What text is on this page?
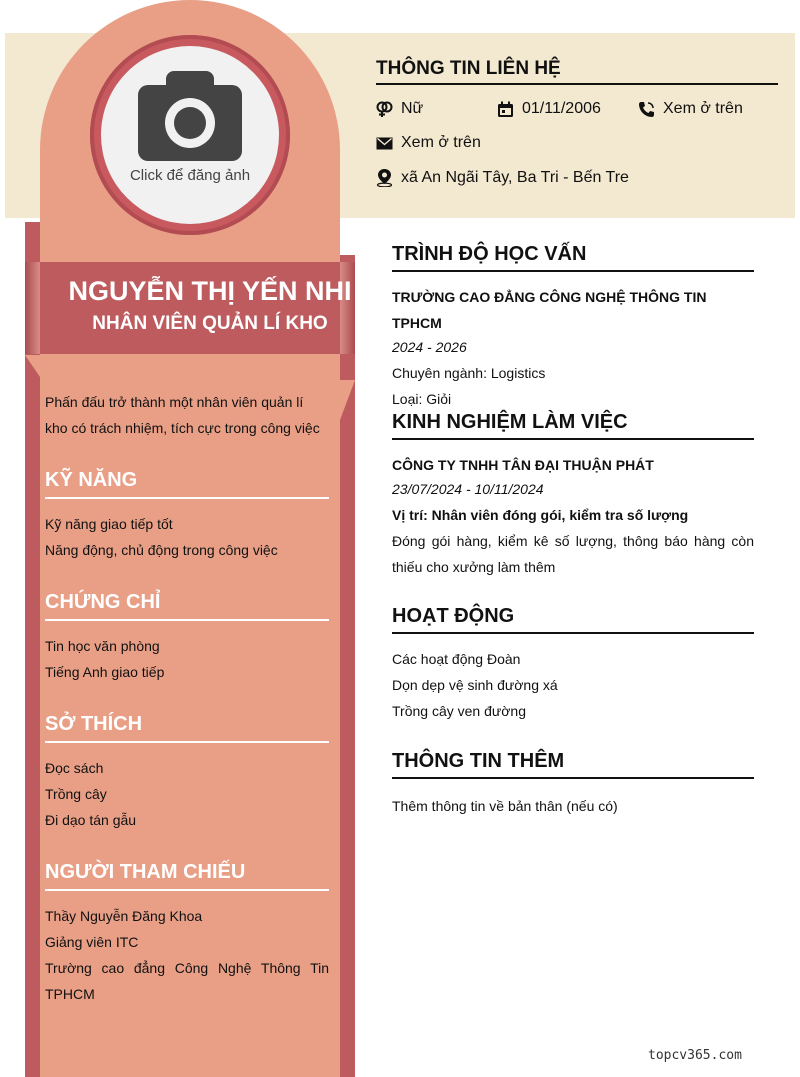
NGUYỄN THỊ YẾN NHI
NHÂN VIÊN QUẢN LÍ KHO
Click để đăng ảnh
Phấn đấu trở thành một nhân viên quản lí kho có trách nhiệm, tích cực trong công việc
KỸ NĂNG
Kỹ năng giao tiếp tốt
Năng động, chủ động trong công việc
CHỨNG CHỈ
Tin học văn phòng
Tiếng Anh giao tiếp
SỞ THÍCH
Đọc sách
Trồng cây
Đi dạo tán gẫu
NGƯỜI THAM CHIẾU
Thầy Nguyễn Đăng Khoa
Giảng viên ITC
Trường cao đẳng Công Nghệ Thông Tin TPHCM
THÔNG TIN LIÊN HỆ
Nữ	01/11/2006	Xem ở trên
Xem ở trên
xã An Ngãi Tây, Ba Tri - Bến Tre
TRÌNH ĐỘ HỌC VẤN
TRƯỜNG CAO ĐẲNG CÔNG NGHỆ THÔNG TIN TPHCM
2024 - 2026
Chuyên ngành: Logistics
Loại: Giỏi
KINH NGHIỆM LÀM VIỆC
CÔNG TY TNHH TÂN ĐẠI THUẬN PHÁT
23/07/2024 - 10/11/2024
Vị trí: Nhân viên đóng gói, kiểm tra số lượng
Đóng gói hàng, kiểm kê số lượng, thông báo hàng còn thiếu cho xưởng làm thêm
HOẠT ĐỘNG
Các hoạt động Đoàn
Dọn dẹp vệ sinh đường xá
Trồng cây ven đường
THÔNG TIN THÊM
Thêm thông tin về bản thân (nếu có)
topcv365.com
